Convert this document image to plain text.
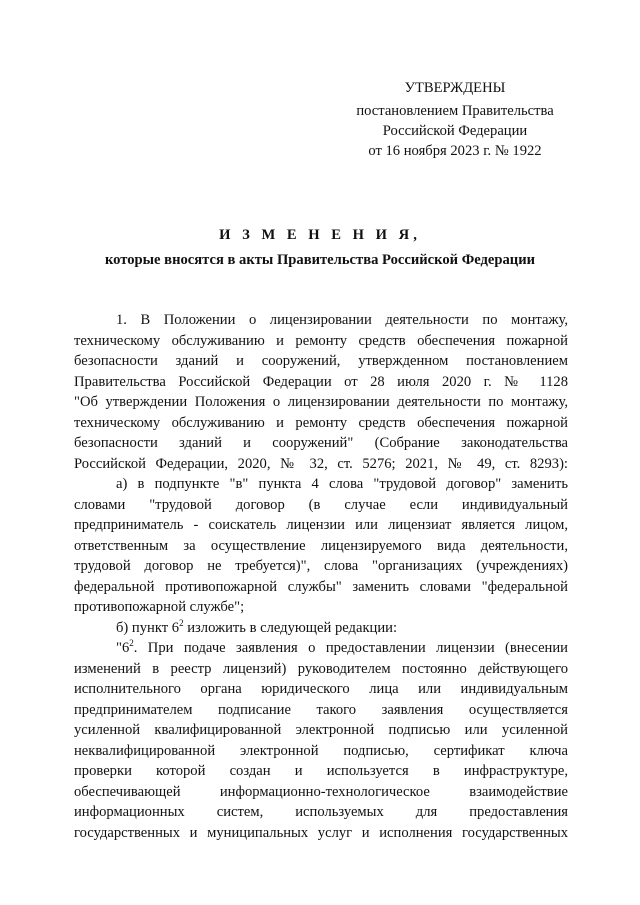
УТВЕРЖДЕНЫ
постановлением Правительства
Российской Федерации
от 16 ноября 2023 г. № 1922
И З М Е Н Е Н И Я,
которые вносятся в акты Правительства Российской Федерации
1. В Положении о лицензировании деятельности по монтажу,
техническому обслуживанию и ремонту средств обеспечения пожарной
безопасности зданий и сооружений, утвержденном постановлением
Правительства Российской Федерации от 28 июля 2020 г. № 1128
"Об утверждении Положения о лицензировании деятельности по монтажу,
техническому обслуживанию и ремонту средств обеспечения пожарной
безопасности зданий и сооружений" (Собрание законодательства
Российской Федерации, 2020, № 32, ст. 5276; 2021, № 49, ст. 8293):
а) в подпункте "в" пункта 4 слова "трудовой договор" заменить
словами "трудовой договор (в случае если индивидуальный
предприниматель - соискатель лицензии или лицензиат является лицом,
ответственным за осуществление лицензируемого вида деятельности,
трудовой договор не требуется)", слова "организациях (учреждениях)
федеральной противопожарной службы" заменить словами "федеральной
противопожарной службе";
б) пункт $6^2$ изложить в следующей редакции:
"$6^2$. При подаче заявления о предоставлении лицензии (внесении
изменений в реестр лицензий) руководителем постоянно действующего
исполнительного органа юридического лица или индивидуальным
предпринимателем подписание такого заявления осуществляется
усиленной квалифицированной электронной подписью или усиленной
неквалифицированной электронной подписью, сертификат ключа
проверки которой создан и используется в инфраструктуре,
обеспечивающей информационно-технологическое взаимодействие
информационных систем, используемых для предоставления
государственных и муниципальных услуг и исполнения государственных
